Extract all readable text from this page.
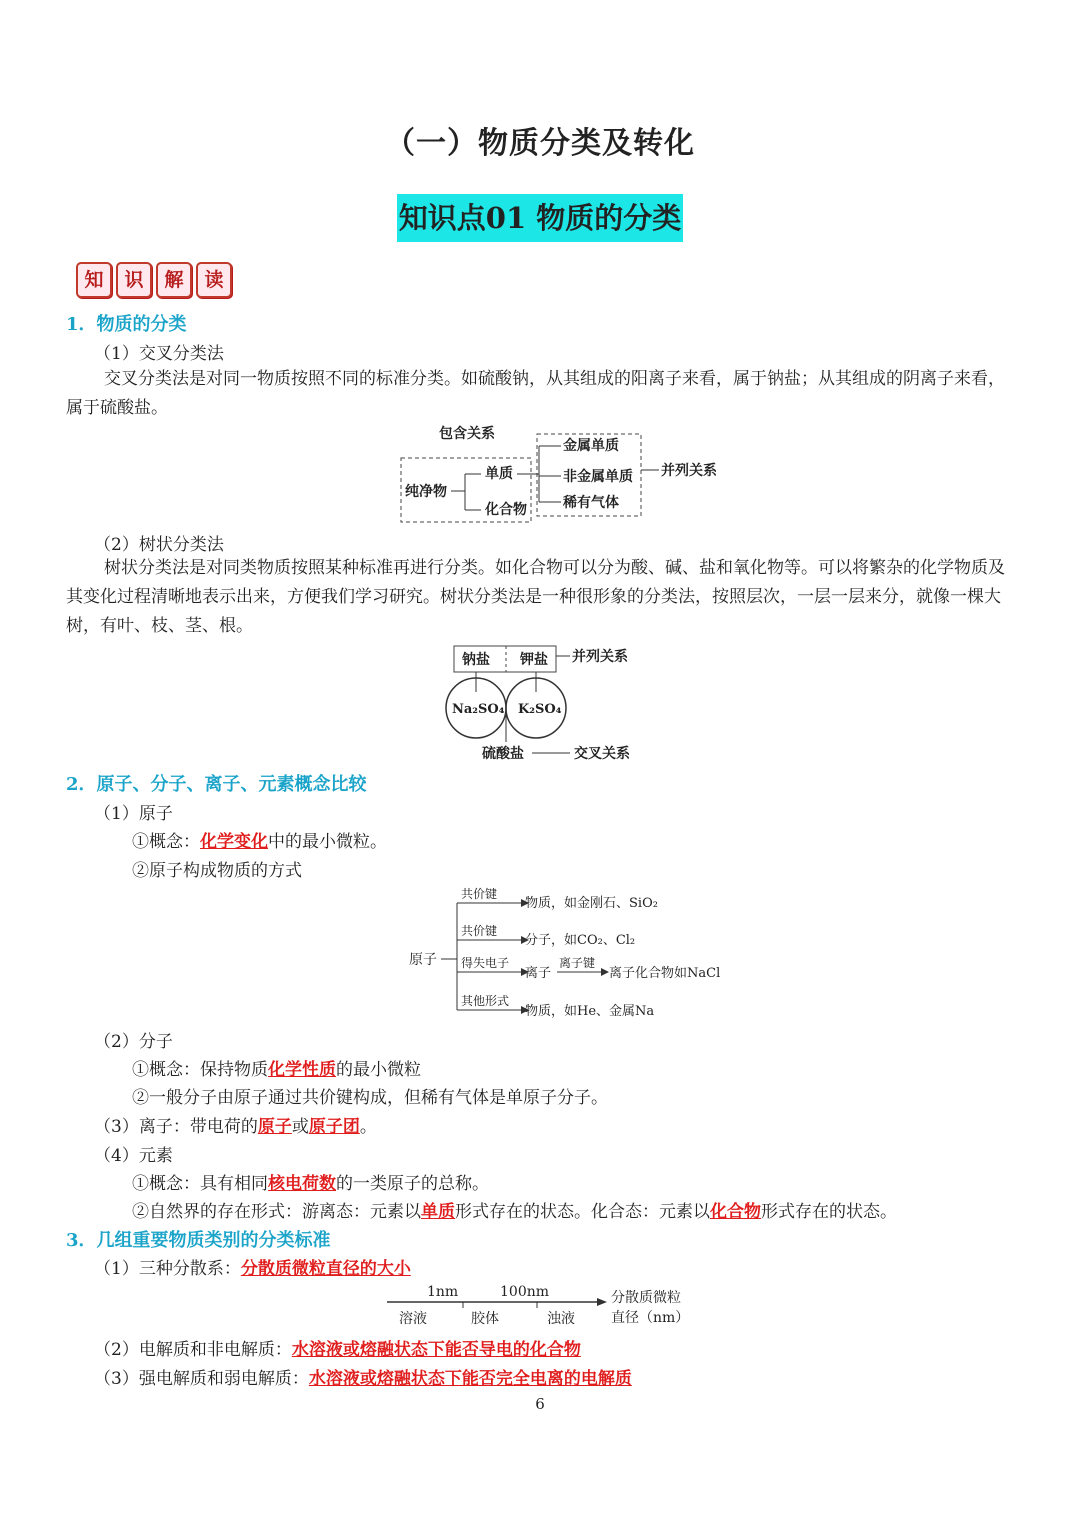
（一）物质分类及转化
知识点01 物质的分类
知	识	解	读
1．物质的分类
（1）交叉分类法
交叉分类法是对同一物质按照不同的标准分类。如硫酸钠，从其组成的阳离子来看，属于钠盐；从其组成的阴离子来看，属于硫酸盐。
包含关系
纯净物
单质
化合物
金属单质
非金属单质
稀有气体
并列关系
（2）树状分类法
树状分类法是对同类物质按照某种标准再进行分类。如化合物可以分为酸、碱、盐和氧化物等。可以将繁杂的化学物质及其变化过程清晰地表示出来，方便我们学习研究。树状分类法是一种很形象的分类法，按照层次，一层一层来分，就像一棵大树，有叶、枝、茎、根。
钠盐 钾盐 并列关系
Na₂SO₄ K₂SO₄
硫酸盐	交叉关系
2．原子、分子、离子、元素概念比较
（1）原子
①概念：化学变化中的最小微粒。
②原子构成物质的方式
原子
共价键
物质，如金刚石、SiO₂
共价键
分子，如CO₂、Cl₂
得失电子
离子
离子键
离子化合物如NaCl
其他形式
物质，如He、金属Na
（2）分子
①概念：保持物质化学性质的最小微粒
②一般分子由原子通过共价键构成，但稀有气体是单原子分子。
（3）离子：带电荷的原子或原子团。
（4）元素
①概念：具有相同核电荷数的一类原子的总称。
②自然界的存在形式：游离态：元素以单质形式存在的状态。化合态：元素以化合物形式存在的状态。
3．几组重要物质类别的分类标准
（1）三种分散系：分散质微粒直径的大小
1nm	100nm
溶液	胶体	浊液
分散质微粒
直径（nm）
（2）电解质和非电解质：水溶液或熔融状态下能否导电的化合物
（3）强电解质和弱电解质：水溶液或熔融状态下能否完全电离的电解质
6
